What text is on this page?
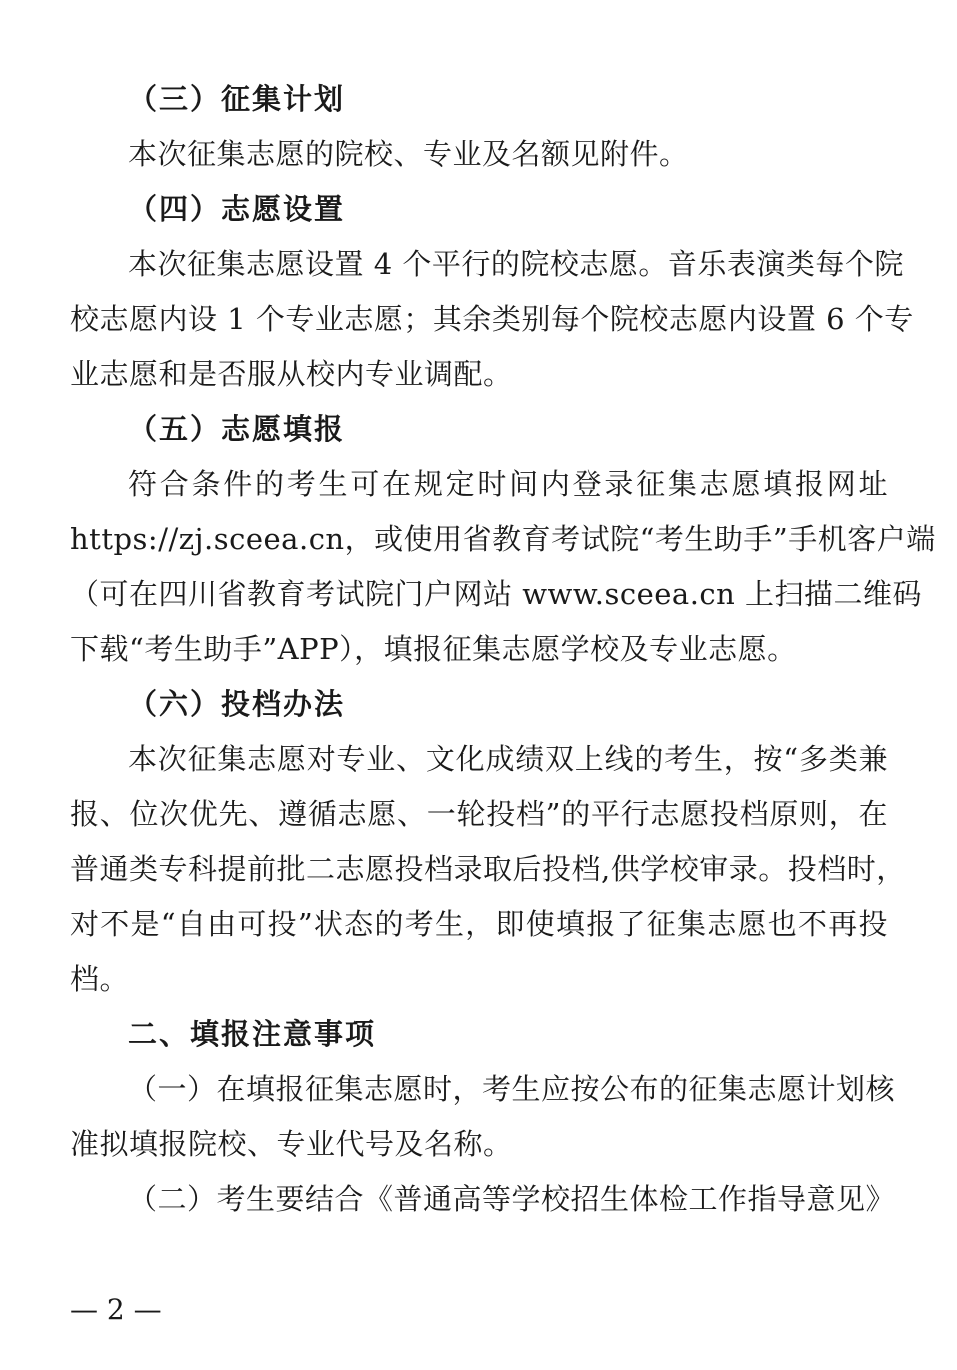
（三）征集计划
本次征集志愿的院校、专业及名额见附件。
（四）志愿设置
本次征集志愿设置 4 个平行的院校志愿。音乐表演类每个院
校志愿内设 1 个专业志愿；其余类别每个院校志愿内设置 6 个专
业志愿和是否服从校内专业调配。
（五）志愿填报
符合条件的考生可在规定时间内登录征集志愿填报网址
https://zj.sceea.cn，或使用省教育考试院“考生助手”手机客户端
（可在四川省教育考试院门户网站 www.sceea.cn 上扫描二维码
下载“考生助手”APP），填报征集志愿学校及专业志愿。
（六）投档办法
本次征集志愿对专业、文化成绩双上线的考生，按“多类兼
报、位次优先、遵循志愿、一轮投档”的平行志愿投档原则，在
普通类专科提前批二志愿投档录取后投档,供学校审录。投档时，
对不是“自由可投”状态的考生，即使填报了征集志愿也不再投
档。
二、填报注意事项
（一）在填报征集志愿时，考生应按公布的征集志愿计划核
准拟填报院校、专业代号及名称。
（二）考生要结合《普通高等学校招生体检工作指导意见》
— 2 —
